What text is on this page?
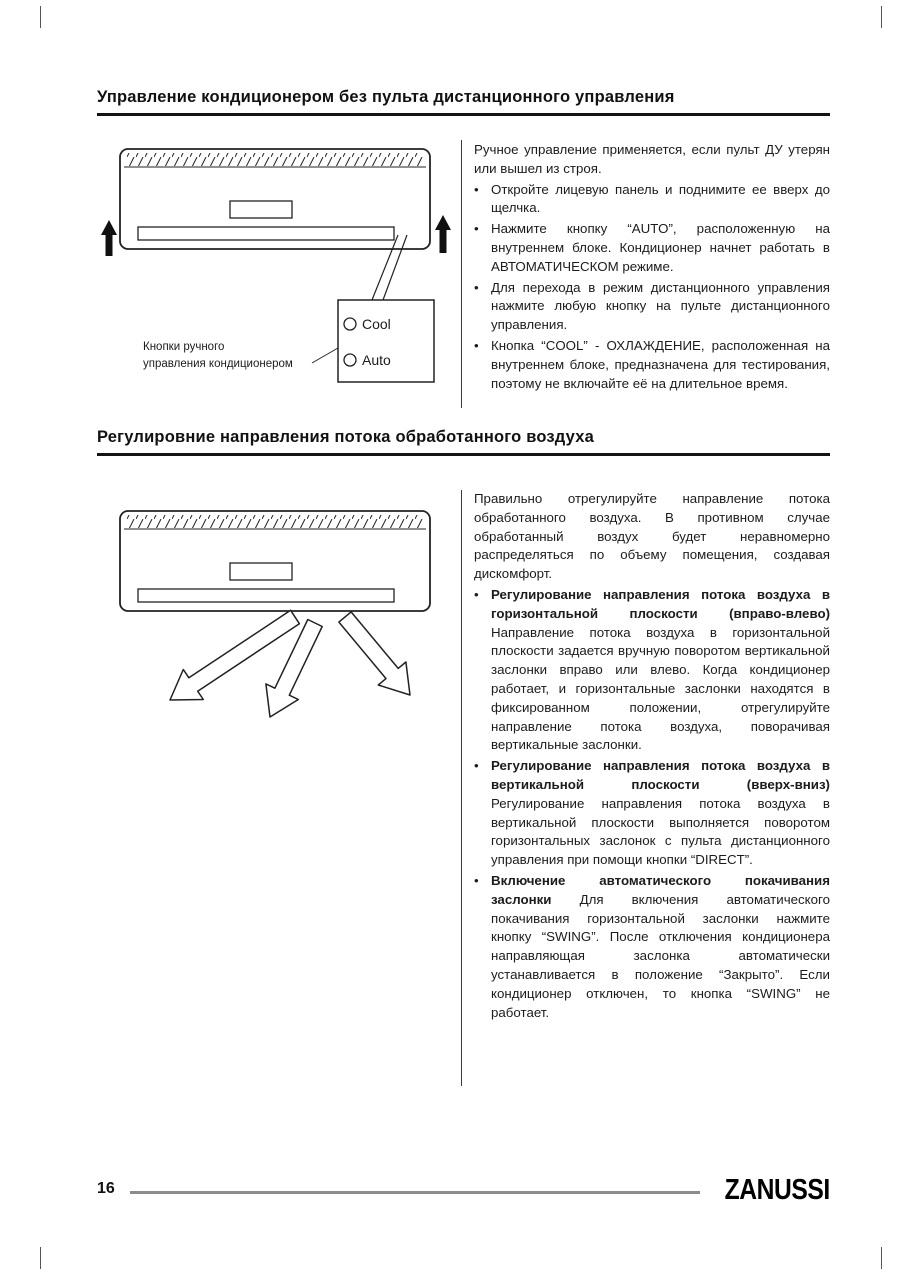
Управление кондиционером без пульта дистанционного управления
Cool
Auto
Кнопки ручного
управления кондиционером

Ручное управление применяется, если пульт ДУ утерян или вышел из строя.

• Откройте лицевую панель и поднимите ее вверх до щелчка.
• Нажмите кнопку “AUTO”, расположенную на внутреннем блоке. Кондиционер начнет работать в АВТОМАТИЧЕСКОМ режиме.
• Для перехода в режим дистанционного управления нажмите любую кнопку на пульте дистанционного управления.
• Кнопка “COOL” - ОХЛАЖДЕНИЕ, расположенная на внутреннем блоке, предназначена для тестирования, поэтому не включайте её на длительное время.
Регулировние направления потока обработанного воздуха

Правильно отрегулируйте направление потока обработанного воздуха. В противном случае обработанный воздух будет неравномерно распределяться по объему помещения, создавая дискомфорт.

• Регулирование направления потока воздуха в горизонтальной плоскости (вправо-влево) Направление потока воздуха в горизонтальной плоскости задается вручную поворотом вертикальной заслонки вправо или влево. Когда кондиционер работает, и горизонтальные заслонки находятся в фиксированном положении, отрегулируйте направление потока воздуха, поворачивая вертикальные заслонки.
• Регулирование направления потока воздуха в вертикальной плоскости (вверх-вниз) Регулирование направления потока воздуха в вертикальной плоскости выполняется поворотом горизонтальных заслонок с пульта дистанционного управления при помощи кнопки “DIRECT”.
• Включение автоматического покачивания заслонки Для включения автоматического покачивания горизонтальной заслонки нажмите кнопку “SWING”. После отключения кондиционера направляющая заслонка автоматически устанавливается в положение “Закрыто”. Если кондиционер отключен, то кнопка “SWING” не работает.
16	ZANUSSI
